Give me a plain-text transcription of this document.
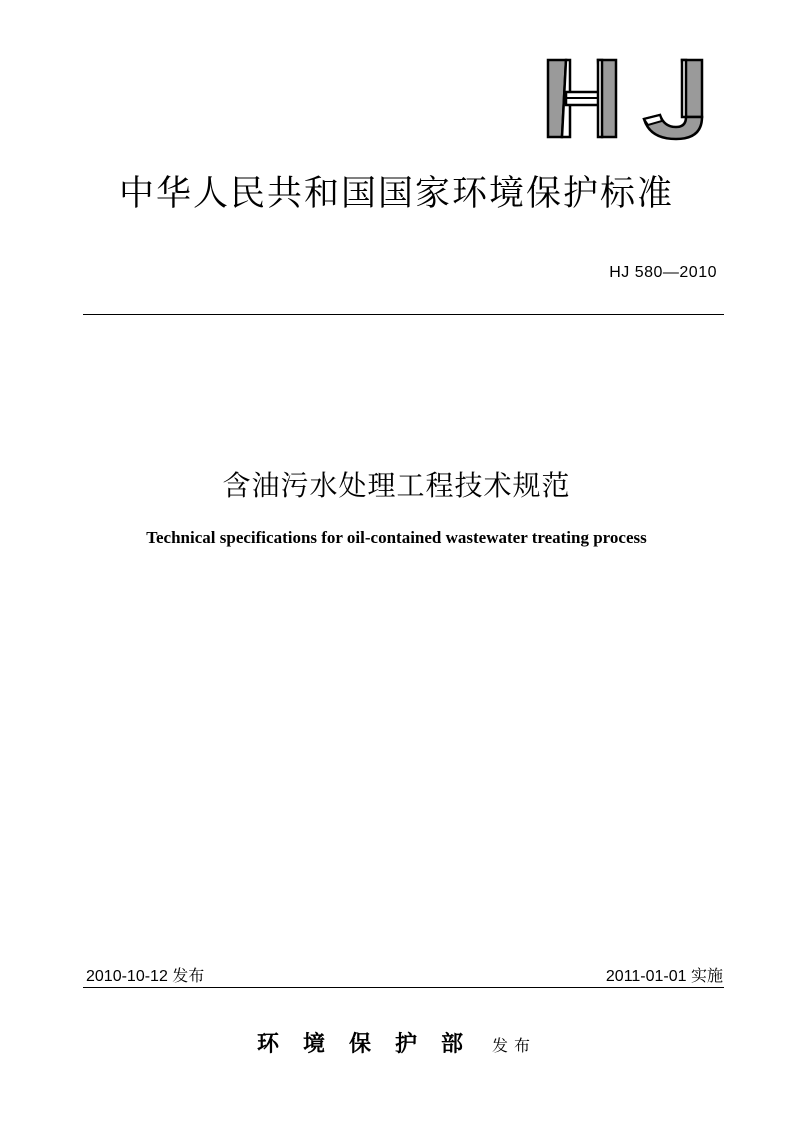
中华人民共和国国家环境保护标准
HJ 580—2010
含油污水处理工程技术规范
Technical specifications for oil-contained wastewater treating process
2010-10-12 发布	2011-01-01 实施
环境保护部 发布
